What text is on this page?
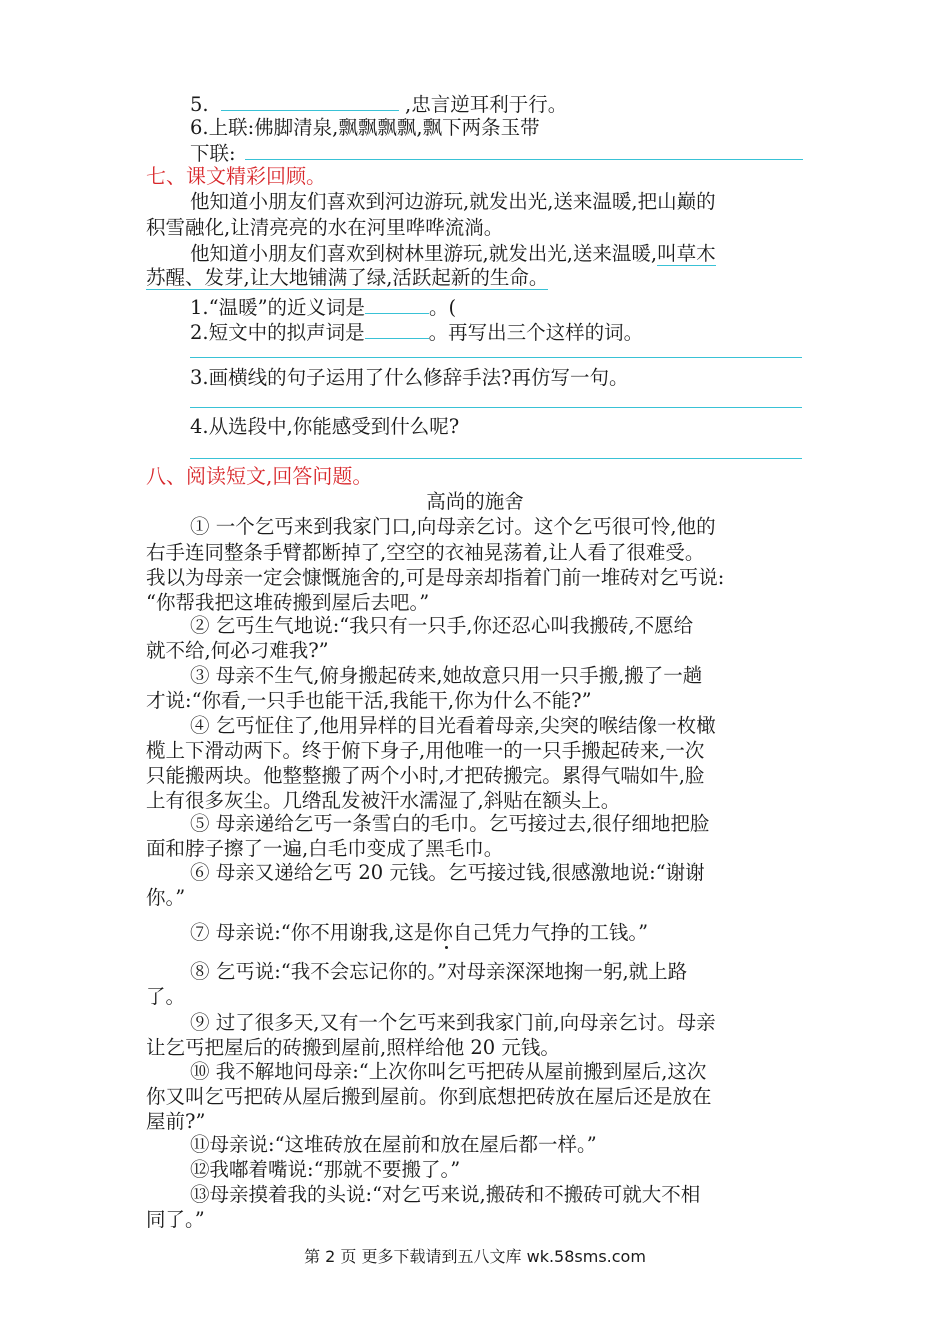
5.	,忠言逆耳利于行。
6.上联:佛脚清泉,飘飘飘飘,飘下两条玉带
下联:
七、课文精彩回顾。
他知道小朋友们喜欢到河边游玩,就发出光,送来温暖,把山巅的
积雪融化,让清亮亮的水在河里哗哗流淌。
他知道小朋友们喜欢到树林里游玩,就发出光,送来温暖,叫草木
苏醒、发芽,让大地铺满了绿,活跃起新的生命。
1.“温暖”的近义词是	。(
2.短文中的拟声词是	。再写出三个这样的词。
3.画横线的句子运用了什么修辞手法?再仿写一句。
4.从选段中,你能感受到什么呢?
八、阅读短文,回答问题。
高尚的施舍
① 一个乞丐来到我家门口,向母亲乞讨。这个乞丐很可怜,他的
右手连同整条手臂都断掉了,空空的衣袖晃荡着,让人看了很难受。
我以为母亲一定会慷慨施舍的,可是母亲却指着门前一堆砖对乞丐说:
“你帮我把这堆砖搬到屋后去吧。”
② 乞丐生气地说:“我只有一只手,你还忍心叫我搬砖,不愿给
就不给,何必刁难我?”
③ 母亲不生气,俯身搬起砖来,她故意只用一只手搬,搬了一趟
才说:“你看,一只手也能干活,我能干,你为什么不能?”
④ 乞丐怔住了,他用异样的目光看着母亲,尖突的喉结像一枚橄
榄上下滑动两下。终于俯下身子,用他唯一的一只手搬起砖来,一次
只能搬两块。他整整搬了两个小时,才把砖搬完。累得气喘如牛,脸
上有很多灰尘。几绺乱发被汗水濡湿了,斜贴在额头上。
⑤ 母亲递给乞丐一条雪白的毛巾。乞丐接过去,很仔细地把脸
面和脖子擦了一遍,白毛巾变成了黑毛巾。
⑥ 母亲又递给乞丐 20 元钱。乞丐接过钱,很感激地说:“谢谢
你。”
⑦ 母亲说:“你不用谢我,这是你自己凭力气挣的工钱。”
⑧ 乞丐说:“我不会忘记你的。”对母亲深深地掬一躬,就上路
了。
⑨ 过了很多天,又有一个乞丐来到我家门前,向母亲乞讨。母亲
让乞丐把屋后的砖搬到屋前,照样给他 20 元钱。
⑩ 我不解地问母亲:“上次你叫乞丐把砖从屋前搬到屋后,这次
你又叫乞丐把砖从屋后搬到屋前。你到底想把砖放在屋后还是放在
屋前?”
⑪母亲说:“这堆砖放在屋前和放在屋后都一样。”
⑫我嘟着嘴说:“那就不要搬了。”
⑬母亲摸着我的头说:“对乞丐来说,搬砖和不搬砖可就大不相
同了。”
第 2 页 更多下载请到五八文库 wk.58sms.com
